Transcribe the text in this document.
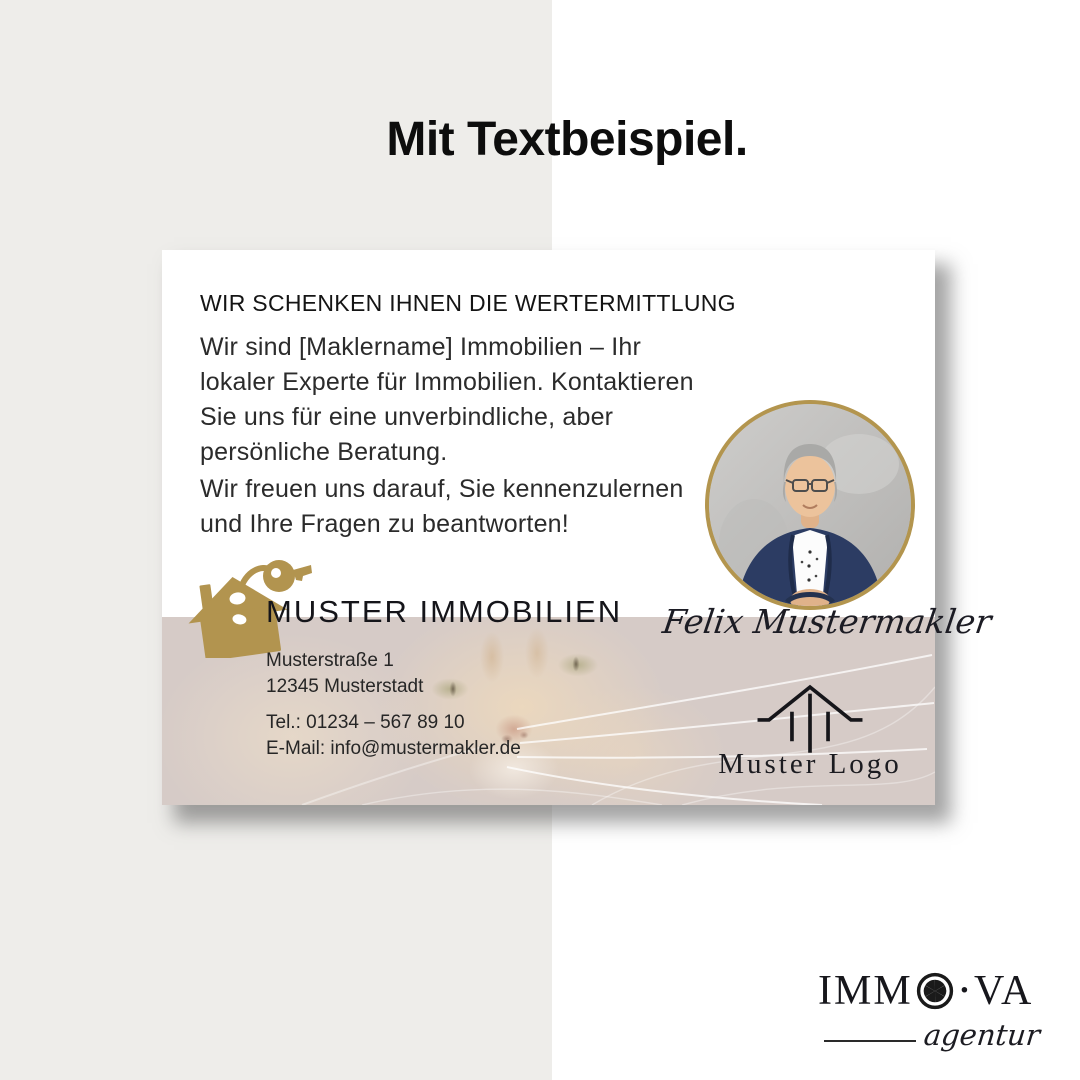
Mit Textbeispiel.
WIR SCHENKEN IHNEN DIE WERTERMITTLUNG
Wir sind [Maklername] Immobilien – Ihr lokaler Experte für Immobilien. Kontaktieren Sie uns für eine unverbindliche, aber persönliche Beratung.
Wir freuen uns darauf, Sie kennenzulernen und Ihre Fragen zu beantworten!
MUSTER IMMOBILIEN
Musterstraße 1
12345 Musterstadt
Tel.: 01234 – 567 89 10
E-Mail: info@mustermakler.de
Felix Mustermakler
Muster Logo
IMM · VA
agentur
